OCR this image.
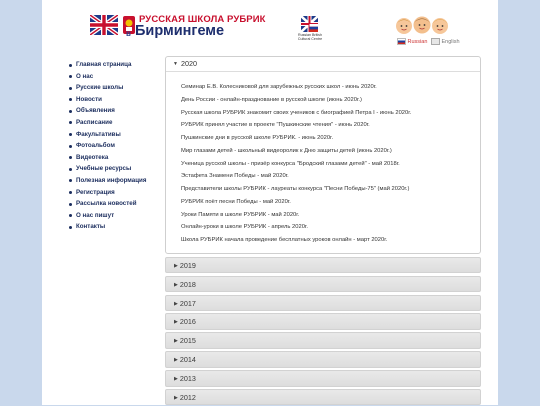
РУССКАЯ ШКОЛА РУБРИК
в Бирмингеме	Russian British Cultural Centre	Russian	English
Главная страница
О нас
Русские школы
Новости
Объявления
Расписание
Факультативы
Фотоальбом
Видеотека
Учебные ресурсы
Полезная информация
Регистрация
Рассылка новостей
О нас пишут
Контакты
▼ 2020
Семинар Е.В. Колесниковой для зарубежных русских школ - июнь 2020г.
День России - онлайн-празднование в русской школе (июнь 2020г.)
Русская школа РУБРИК знакомит своих учеников с биографией Петра I - июнь 2020г.
РУБРИК принял участие в проекте "Пушкинские чтения" - июнь 2020г.
Пушкинские дни в русской школе РУБРИК. - июнь 2020г.
Мир глазами детей - школьный видеоролик к Дню защиты детей (июнь 2020г.)
Ученица русской школы - призёр конкурса "Бродский глазами детей" - май 2018г.
Эстафета Знамени Победы - май 2020г.
Представители школы РУБРИК - лауреаты конкурса "Песни Победы-75" (май 2020г.)
РУБРИК поёт песни Победы - май 2020г.
Уроки Памяти в школе РУБРИК - май 2020г.
Онлайн-уроки в школе РУБРИК - апрель 2020г.
Школа РУБРИК начала проведение бесплатных уроков онлайн - март 2020г.
▶ 2019
▶ 2018
▶ 2017
▶ 2016
▶ 2015
▶ 2014
▶ 2013
▶ 2012
